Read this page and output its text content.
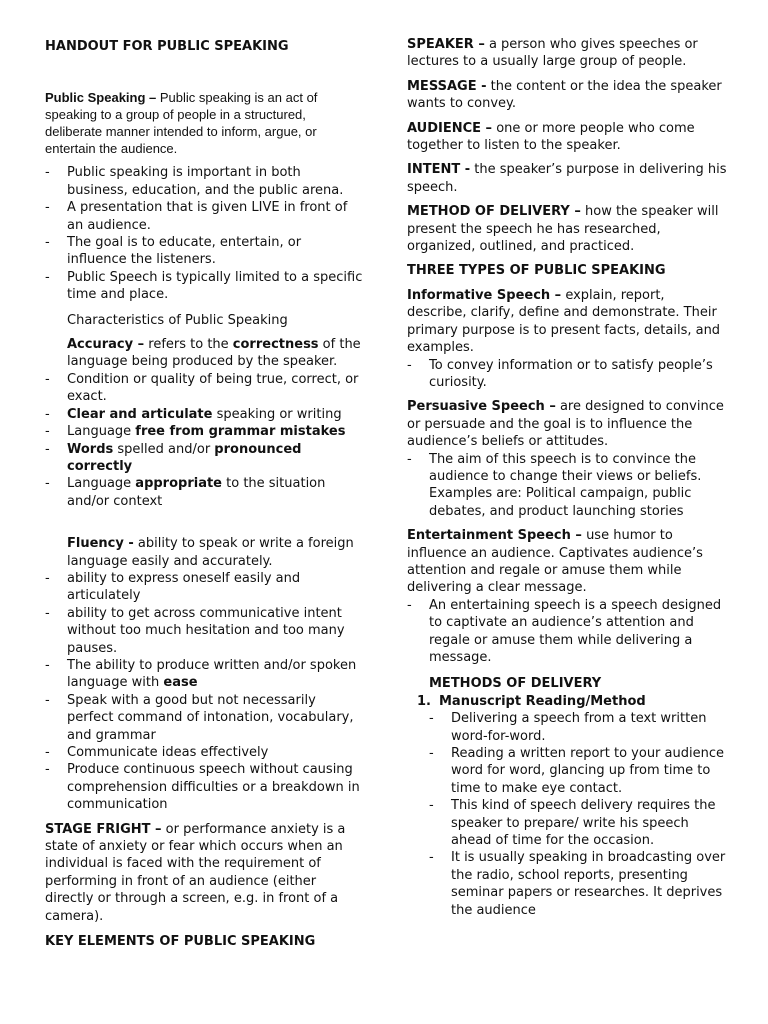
HANDOUT FOR PUBLIC SPEAKING

Public Speaking – Public speaking is an act of speaking to a group of people in a structured, deliberate manner intended to inform, argue, or entertain the audience.

- Public speaking is important in both business, education, and the public arena.
- A presentation that is given LIVE in front of an audience.
- The goal is to educate, entertain, or influence the listeners.
- Public Speech is typically limited to a specific time and place.

Characteristics of Public Speaking

Accuracy – refers to the correctness of the language being produced by the speaker.

- Condition or quality of being true, correct, or exact.
- Clear and articulate speaking or writing
- Language free from grammar mistakes
- Words spelled and/or pronounced correctly
- Language appropriate to the situation and/or context

Fluency - ability to speak or write a foreign language easily and accurately.

- ability to express oneself easily and articulately
- ability to get across communicative intent without too much hesitation and too many pauses.
- The ability to produce written and/or spoken language with ease
- Speak with a good but not necessarily perfect command of intonation, vocabulary, and grammar
- Communicate ideas effectively
- Produce continuous speech without causing comprehension difficulties or a breakdown in communication

STAGE FRIGHT – or performance anxiety is a state of anxiety or fear which occurs when an individual is faced with the requirement of performing in front of an audience (either directly or through a screen, e.g. in front of a camera).

KEY ELEMENTS OF PUBLIC SPEAKING

SPEAKER – a person who gives speeches or lectures to a usually large group of people.

MESSAGE - the content or the idea the speaker wants to convey.

AUDIENCE – one or more people who come together to listen to the speaker.

INTENT - the speaker’s purpose in delivering his speech.

METHOD OF DELIVERY – how the speaker will present the speech he has researched, organized, outlined, and practiced.

THREE TYPES OF PUBLIC SPEAKING

Informative Speech – explain, report, describe, clarify, define and demonstrate. Their primary purpose is to present facts, details, and examples.

- To convey information or to satisfy people’s curiosity.

Persuasive Speech – are designed to convince or persuade and the goal is to influence the audience’s beliefs or attitudes.

- The aim of this speech is to convince the audience to change their views or beliefs. Examples are: Political campaign, public debates, and product launching stories

Entertainment Speech – use humor to influence an audience. Captivates audience’s attention and regale or amuse them while delivering a clear message.

- An entertaining speech is a speech designed to captivate an audience’s attention and regale or amuse them while delivering a message.

METHODS OF DELIVERY

1. Manuscript Reading/Method
- Delivering a speech from a text written word-for-word.
- Reading a written report to your audience word for word, glancing up from time to time to make eye contact.
- This kind of speech delivery requires the speaker to prepare/ write his speech ahead of time for the occasion.
- It is usually speaking in broadcasting over the radio, school reports, presenting seminar papers or researches. It deprives the audience
